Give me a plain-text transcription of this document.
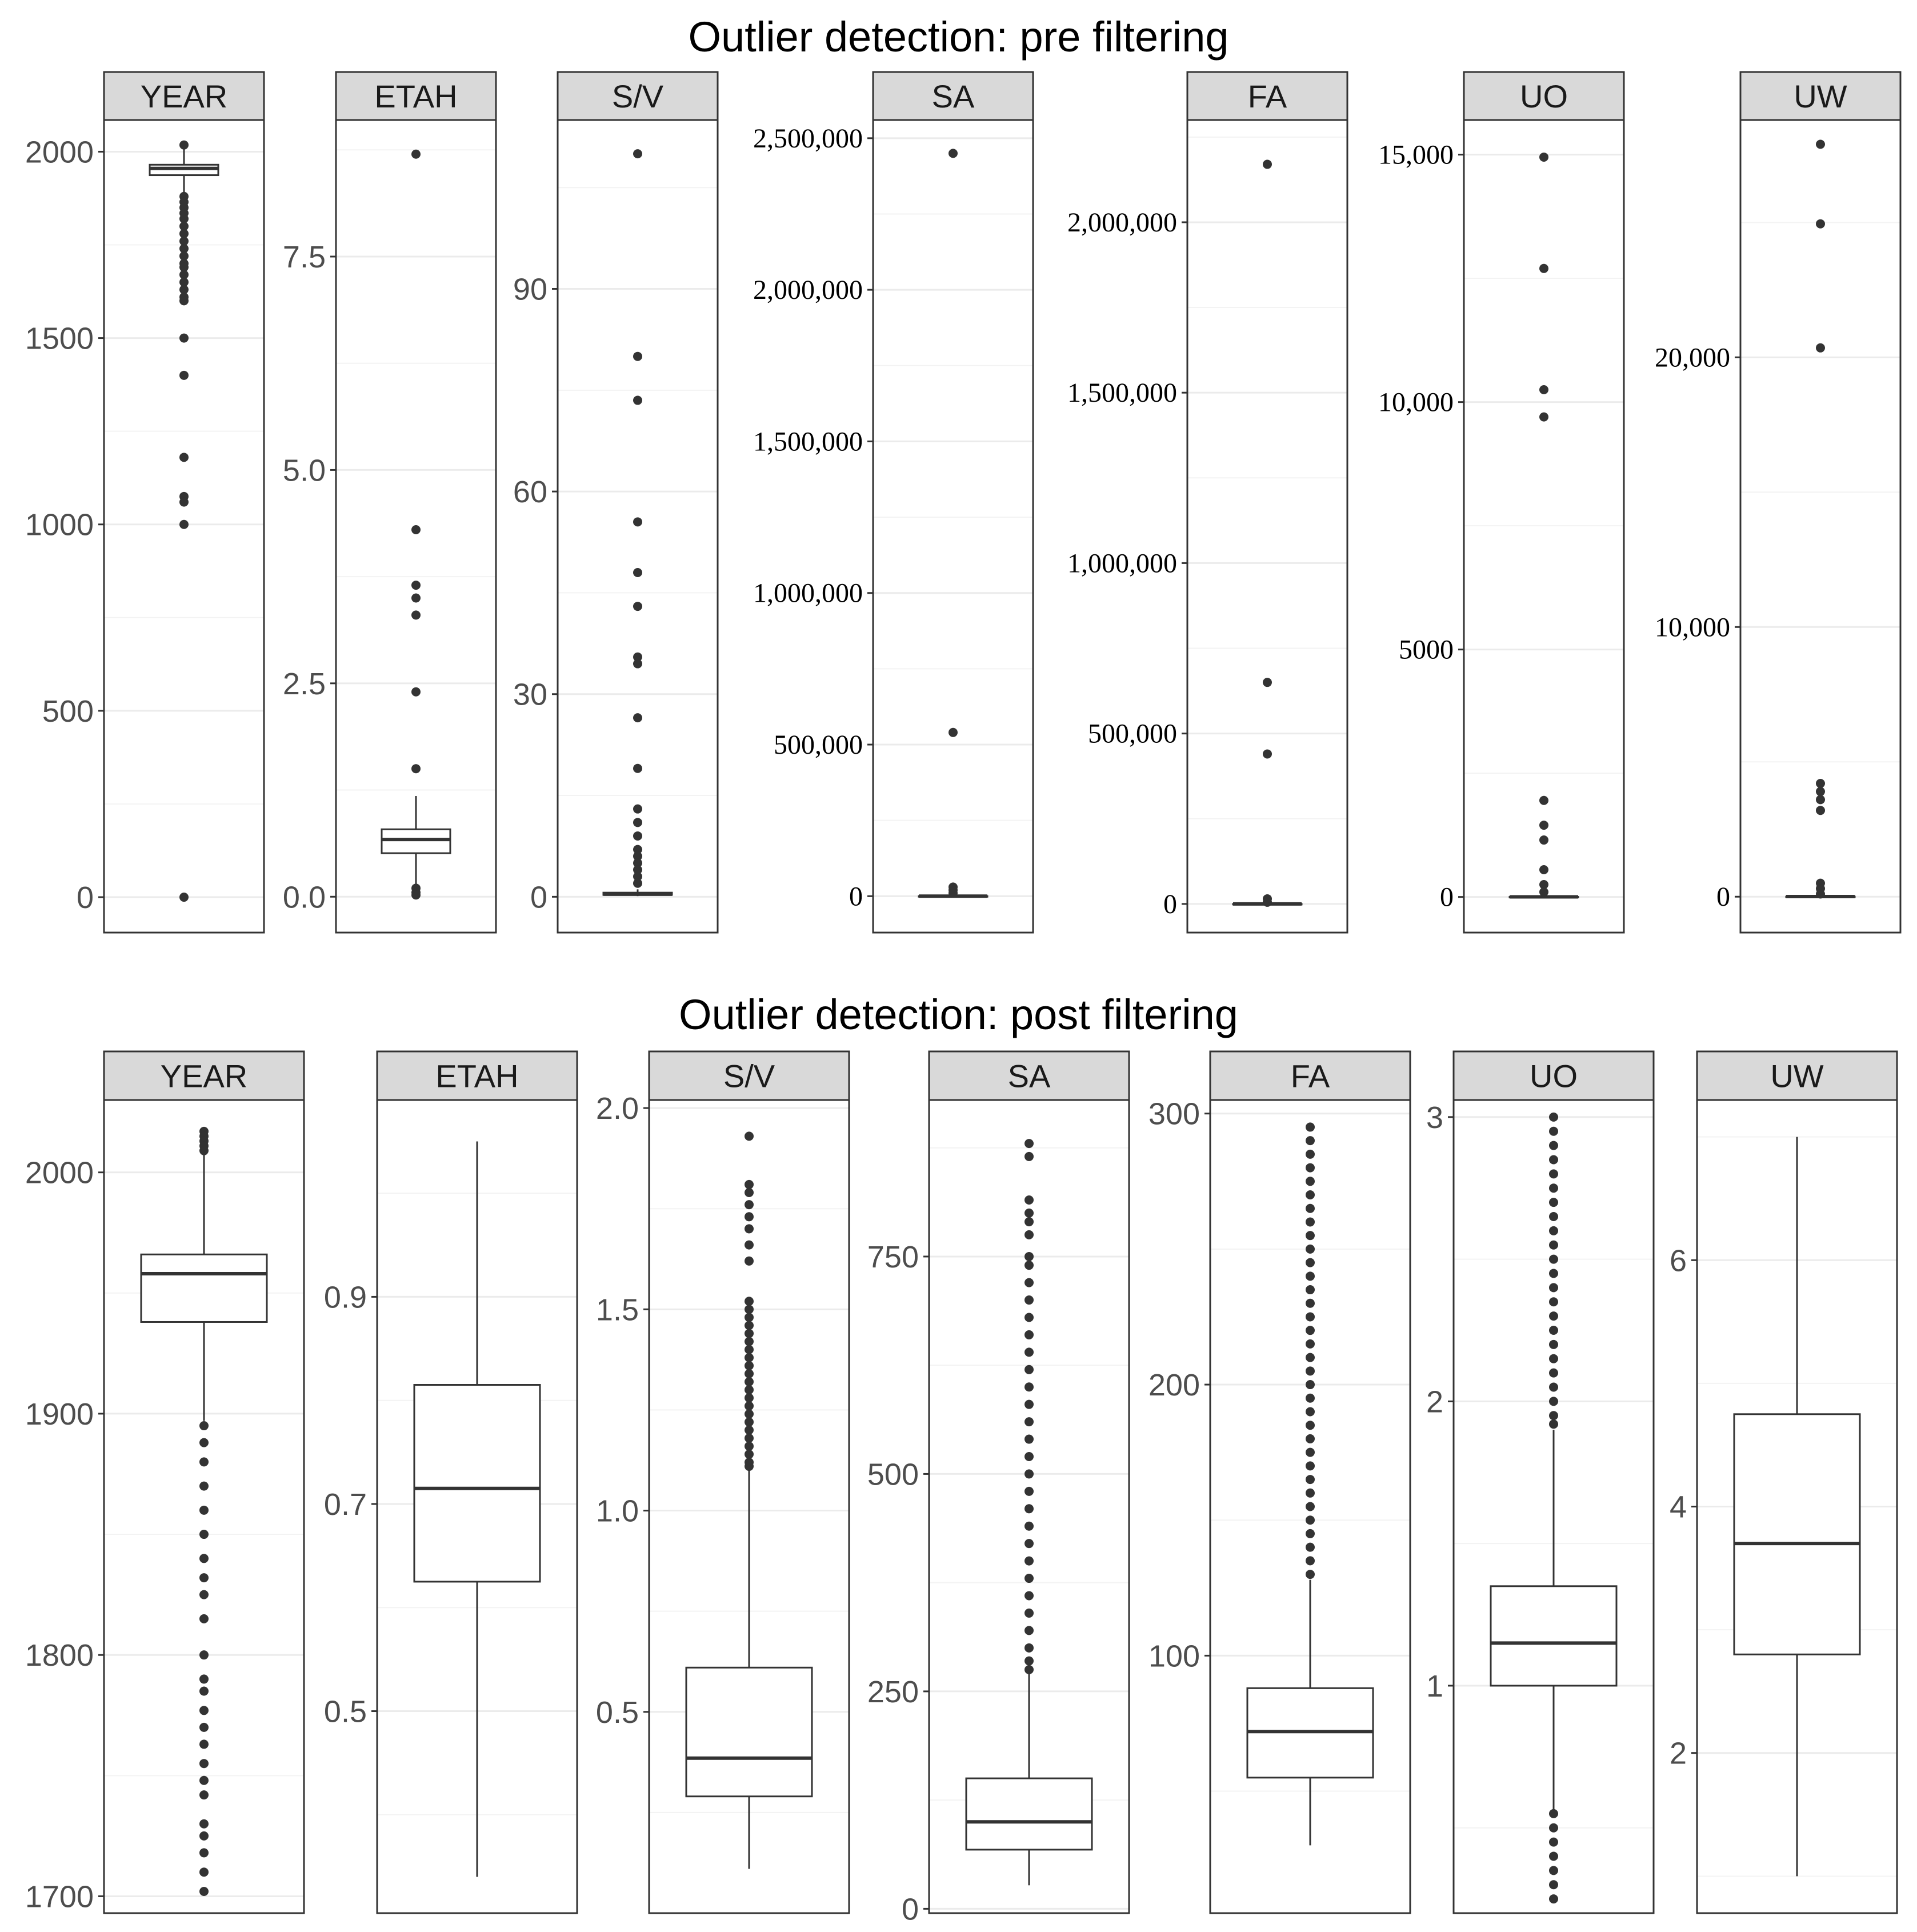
Outlier detection: pre filtering
Outlier detection: post filtering
YEAR
0
500
1000
1500
2000
ETAH
0.0
2.5
5.0
7.5
S/V
0
30
60
90
SA
0
500,000
1,000,000
1,500,000
2,000,000
2,500,000
FA
0
500,000
1,000,000
1,500,000
2,000,000
UO
0
5000
10,000
15,000
UW
0
10,000
20,000
YEAR
1700
1800
1900
2000
ETAH
0.5
0.7
0.9
S/V
0.5
1.0
1.5
2.0
SA
0
250
500
750
FA
100
200
300
UO
1
2
3
UW
2
4
6
